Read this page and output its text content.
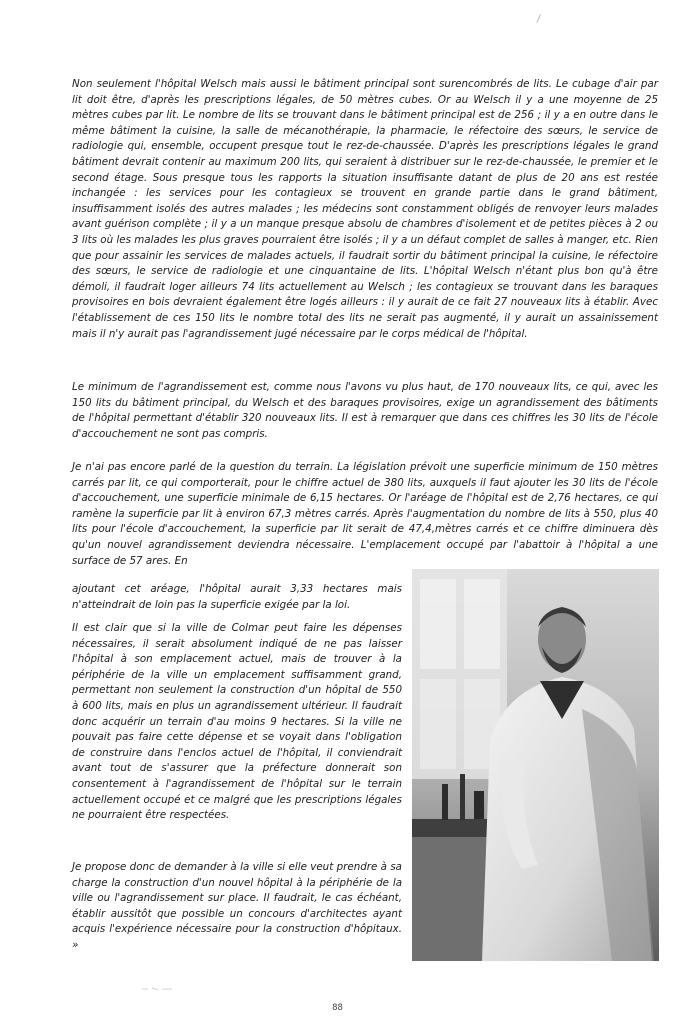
Non seulement l'hôpital Welsch mais aussi le bâtiment principal sont surencombrés de lits. Le cubage d'air par lit doit être, d'après les prescriptions légales, de 50 mètres cubes. Or au Welsch il y a une moyenne de 25 mètres cubes par lit. Le nombre de lits se trouvant dans le bâtiment principal est de 256 ; il y a en outre dans le même bâtiment la cuisine, la salle de mécanothérapie, la pharmacie, le réfectoire des sœurs, le service de radiologie qui, ensemble, occupent presque tout le rez-de-chaussée. D'après les prescriptions légales le grand bâtiment devrait contenir au maximum 200 lits, qui seraient à distribuer sur le rez-de-chaussée, le premier et le second étage. Sous presque tous les rapports la situation insuffisante datant de plus de 20 ans est restée inchangée : les services pour les contagieux se trouvent en grande partie dans le grand bâtiment, insuffisamment isolés des autres malades ; les médecins sont constamment obligés de renvoyer leurs malades avant guérison complète ; il y a un manque presque absolu de chambres d'isolement et de petites pièces à 2 ou 3 lits où les malades les plus graves pourraient être isolés ; il y a un défaut complet de salles à manger, etc. Rien que pour assainir les services de malades actuels, il faudrait sortir du bâtiment principal la cuisine, le réfectoire des sœurs, le service de radiologie et une cinquantaine de lits. L'hôpital Welsch n'étant plus bon qu'à être démoli, il faudrait loger ailleurs 74 lits actuellement au Welsch ; les contagieux se trouvant dans les baraques provisoires en bois devraient également être logés ailleurs : il y aurait de ce fait 27 nouveaux lits à établir. Avec l'établissement de ces 150 lits le nombre total des lits ne serait pas augmenté, il y aurait un assainissement mais il n'y aurait pas l'agrandissement jugé nécessaire par le corps médical de l'hôpital.

Le minimum de l'agrandissement est, comme nous l'avons vu plus haut, de 170 nouveaux lits, ce qui, avec les 150 lits du bâtiment principal, du Welsch et des baraques provisoires, exige un agrandissement des bâtiments de l'hôpital permettant d'établir 320 nouveaux lits. Il est à remarquer que dans ces chiffres les 30 lits de l'école d'accouchement ne sont pas compris.

Je n'ai pas encore parlé de la question du terrain. La législation prévoit une superficie minimum de 150 mètres carrés par lit, ce qui comporterait, pour le chiffre actuel de 380 lits, auxquels il faut ajouter les 30 lits de l'école d'accouchement, une superficie minimale de 6,15 hectares. Or l'aréage de l'hôpital est de 2,76 hectares, ce qui ramène la superficie par lit à environ 67,3 mètres carrés. Après l'augmentation du nombre de lits à 550, plus 40 lits pour l'école d'accouchement, la superficie par lit serait de 47,4,mètres carrés et ce chiffre diminuera dès qu'un nouvel agrandissement deviendra nécessaire. L'emplacement occupé par l'abattoir à l'hôpital a une surface de 57 ares. En

ajoutant cet aréage, l'hôpital aurait 3,33 hectares mais n'atteindrait de loin pas la superficie exigée par la loi.

Il est clair que si la ville de Colmar peut faire les dépenses nécessaires, il serait absolument indiqué de ne pas laisser l'hôpital à son emplacement actuel, mais de trouver à la périphérie de la ville un emplacement suffisamment grand, permettant non seulement la construction d'un hôpital de 550 à 600 lits, mais en plus un agrandissement ultérieur. Il faudrait donc acquérir un terrain d'au moins 9 hectares. Si la ville ne pouvait pas faire cette dépense et se voyait dans l'obligation de construire dans l'enclos actuel de l'hôpital, il conviendrait avant tout de s'assurer que la préfecture donnerait son consentement à l'agrandissement de l'hôpital sur le terrain actuellement occupé et ce malgré que les prescriptions légales ne pourraient être respectées.

Je propose donc de demander à la ville si elle veut prendre à sa charge la construction d'un nouvel hôpital à la périphérie de la ville ou l'agrandissement sur place. Il faudrait, le cas échéant, établir aussitôt que possible un concours d'architectes ayant acquis l'expérience nécessaire pour la construction d'hôpitaux. »

88
